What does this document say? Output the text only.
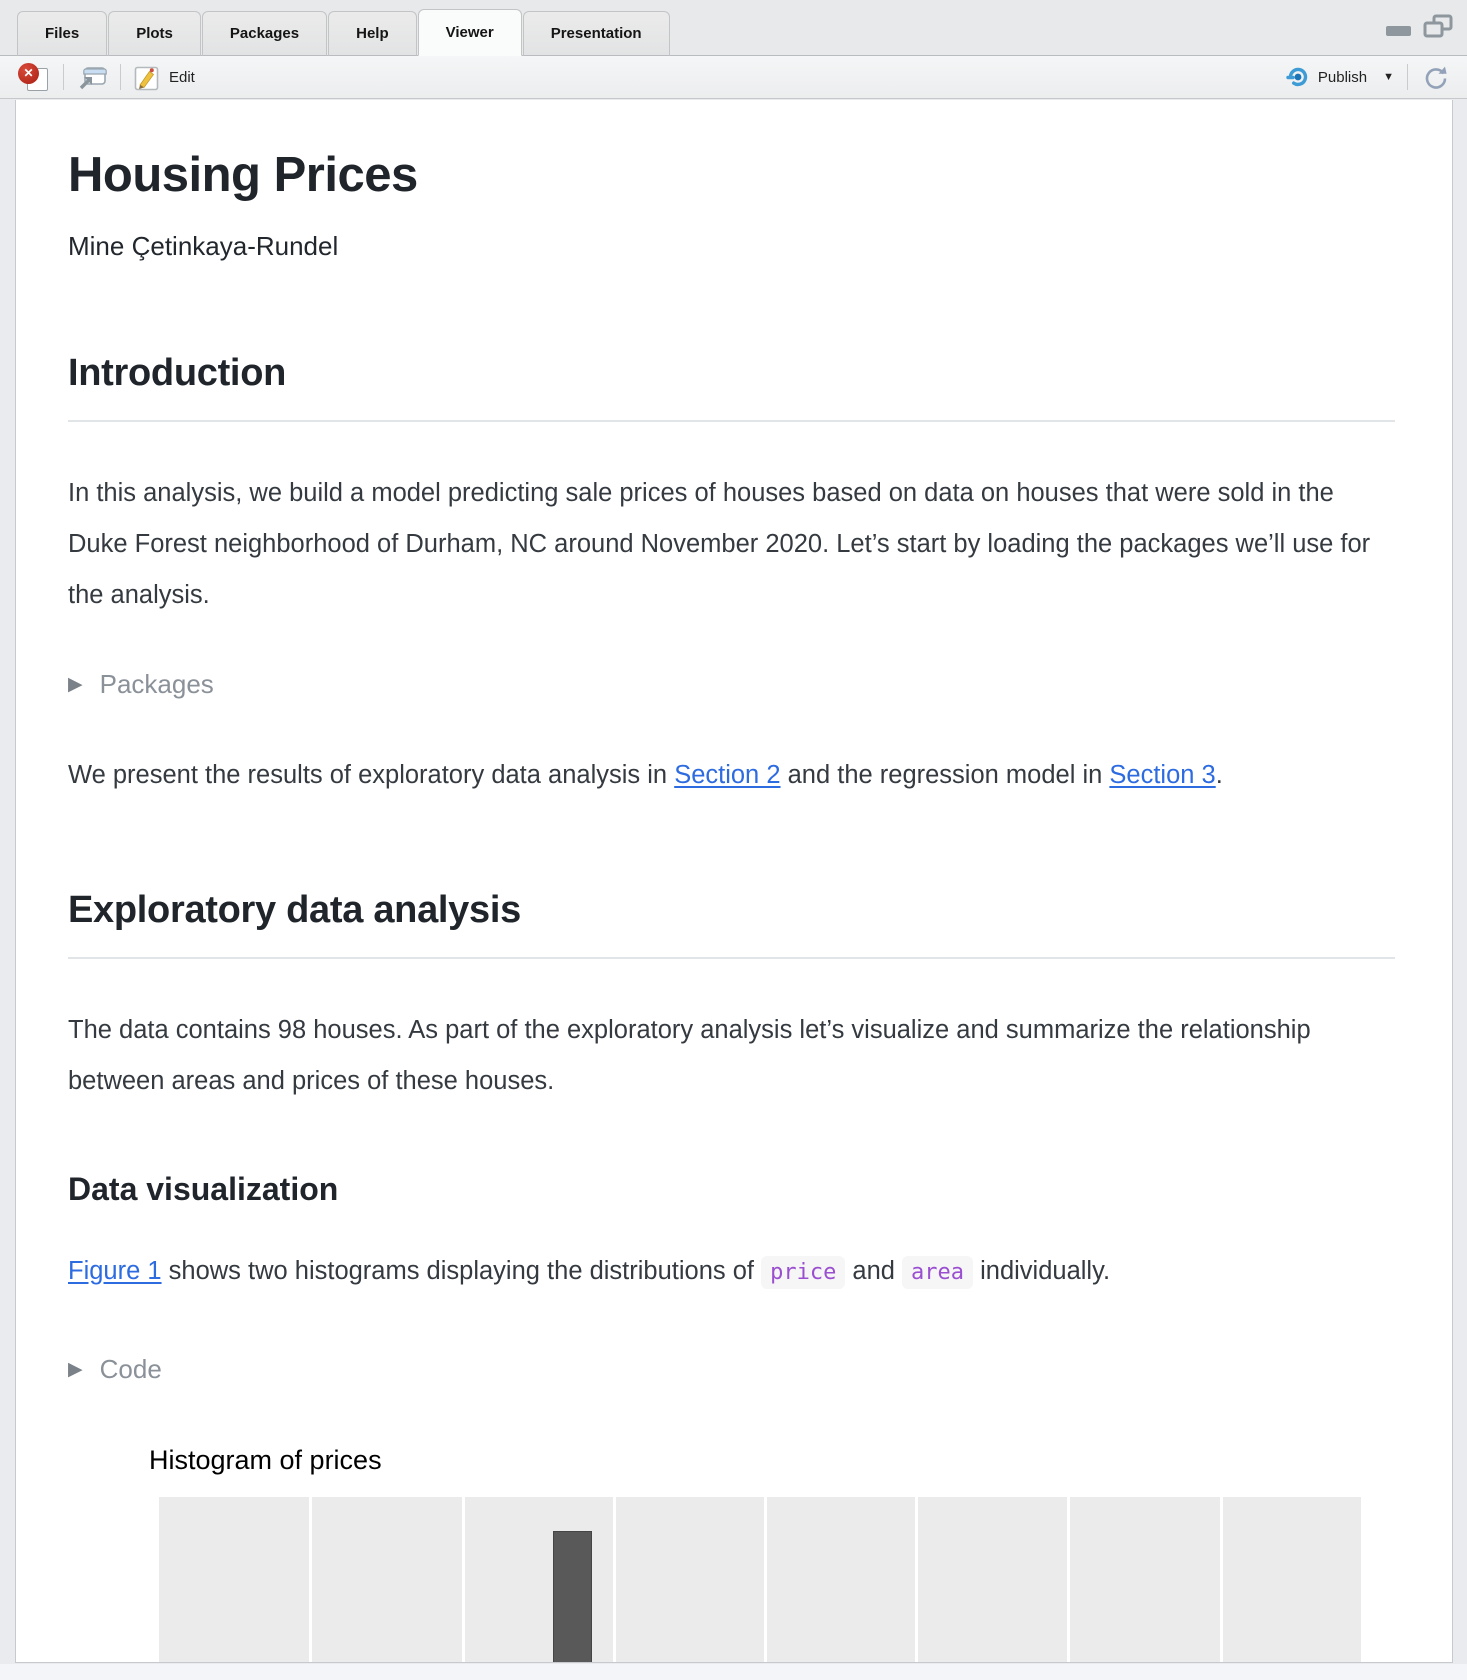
Files	Plots	Packages	Help	Viewer	Presentation
✕	Edit	Publish ▼
Housing Prices
Mine Çetinkaya-Rundel
Introduction

In this analysis, we build a model predicting sale prices of houses based on data on houses that were sold in the Duke Forest neighborhood of Durham, NC around November 2020. Let’s start by loading the packages we’ll use for the analysis.

▶ Packages

We present the results of exploratory data analysis in Section 2 and the regression model in Section 3.

Exploratory data analysis

The data contains 98 houses. As part of the exploratory analysis let’s visualize and summarize the relationship between areas and prices of these houses.

Data visualization

Figure 1 shows two histograms displaying the distributions of price and area individually.

▶ Code
Histogram of prices
